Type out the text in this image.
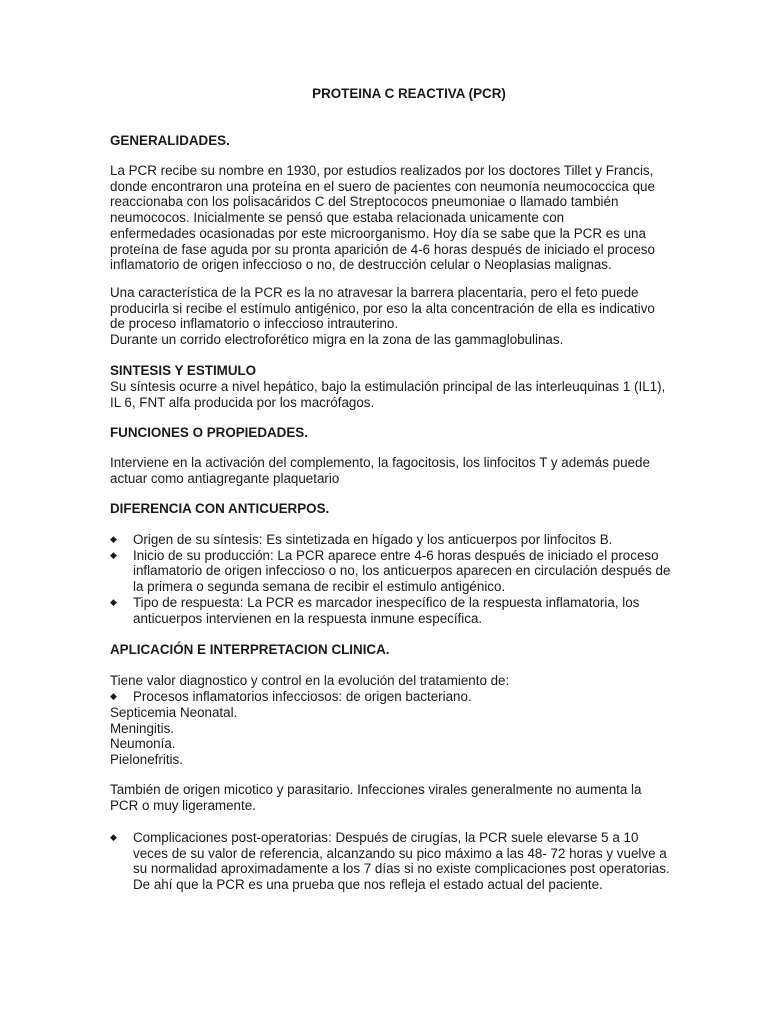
PROTEINA C REACTIVA (PCR)
GENERALIDADES.
La PCR recibe su nombre en 1930, por estudios realizados por los doctores Tillet y Francis,
donde encontraron una proteína en el suero de pacientes con neumonía neumococcica que
reaccionaba con los polisacáridos C del Streptococos pneumoniae o llamado también
neumococos. Inicialmente se pensó que estaba relacionada unicamente con
enfermedades ocasionadas por este microorganismo. Hoy día se sabe que la PCR es una
proteína de fase aguda por su pronta aparición de 4-6 horas después de iniciado el proceso
inflamatorio de origen infeccioso o no, de destrucción celular o Neoplasias malignas.
Una característica de la PCR es la no atravesar la barrera placentaria, pero el feto puede
producirla si recibe el estímulo antigénico, por eso la alta concentración de ella es indicativo
de proceso inflamatorio o infeccioso intrauterino.
Durante un corrido electroforético migra en la zona de las gammaglobulinas.
SINTESIS Y ESTIMULO
Su síntesis ocurre a nivel hepático, bajo la estimulación principal de las interleuquinas 1 (IL1),
IL 6, FNT alfa producida por los macrófagos.
FUNCIONES O PROPIEDADES.
Interviene en la activación del complemento, la fagocitosis, los linfocitos T y además puede
actuar como antiagregante plaquetario
DIFERENCIA CON ANTICUERPOS.
◆ Origen de su síntesis: Es sintetizada en hígado y los anticuerpos por linfocitos B.
◆ Inicio de su producción: La PCR aparece entre 4-6 horas después de iniciado el proceso
inflamatorio de origen infeccioso o no, los anticuerpos aparecen en circulación después de
la primera o segunda semana de recibir el estimulo antigénico.
◆ Tipo de respuesta: La PCR es marcador inespecífico de la respuesta inflamatoria, los
anticuerpos intervienen en la respuesta inmune específica.
APLICACIÓN E INTERPRETACION CLINICA.
Tiene valor diagnostico y control en la evolución del tratamiento de:
◆ Procesos inflamatorios infecciosos: de origen bacteriano.
Septicemia Neonatal.
Meningitis.
Neumonía.
Pielonefritis.
También de origen micotico y parasitario. Infecciones virales generalmente no aumenta la
PCR o muy ligeramente.
◆ Complicaciones post-operatorias: Después de cirugías, la PCR suele elevarse 5 a 10
veces de su valor de referencia, alcanzando su pico máximo a las 48- 72 horas y vuelve a
su normalidad aproximadamente a los 7 días si no existe complicaciones post operatorias.
De ahí que la PCR es una prueba que nos refleja el estado actual del paciente.
